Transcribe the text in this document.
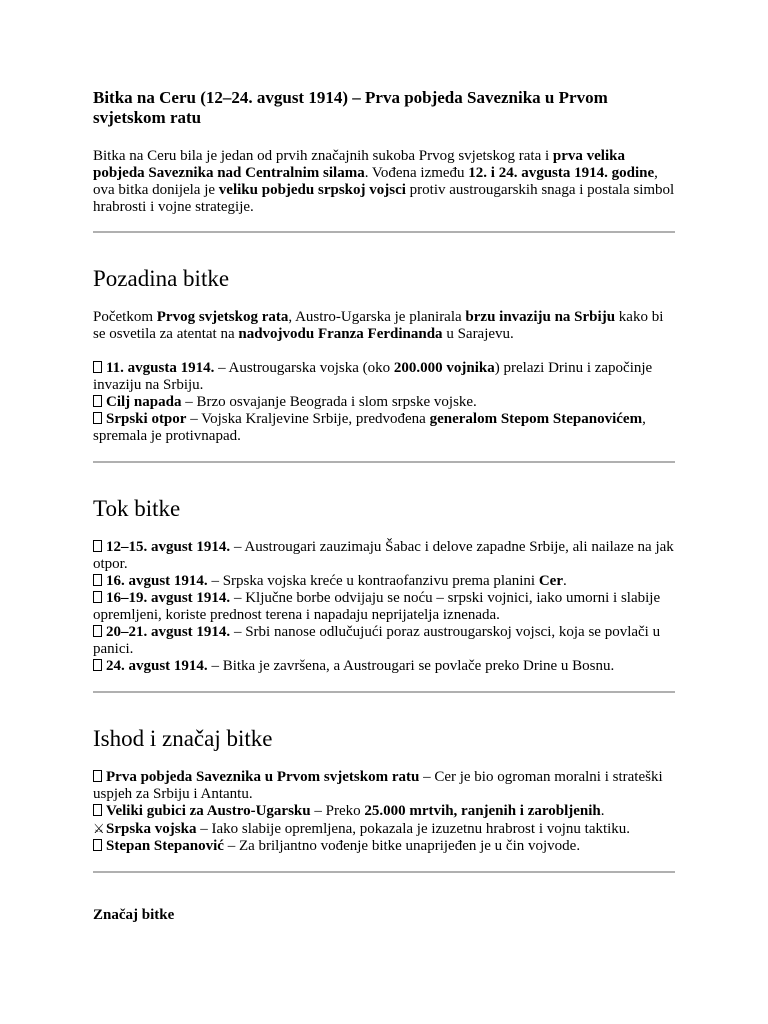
Bitka na Ceru (12–24. avgust 1914) – Prva pobjeda Saveznika u Prvom svjetskom ratu

Bitka na Ceru bila je jedan od prvih značajnih sukoba Prvog svjetskog rata i prva velika pobjeda Saveznika nad Centralnim silama. Vođena između 12. i 24. avgusta 1914. godine, ova bitka donijela je veliku pobjedu srpskoj vojsci protiv austrougarskih snaga i postala simbol hrabrosti i vojne strategije.

Pozadina bitke

Početkom Prvog svjetskog rata, Austro-Ugarska je planirala brzu invaziju na Srbiju kako bi se osvetila za atentat na nadvojvodu Franza Ferdinanda u Sarajevu.

11. avgusta 1914. – Austrougarska vojska (oko 200.000 vojnika) prelazi Drinu i započinje invaziju na Srbiju.
Cilj napada – Brzo osvajanje Beograda i slom srpske vojske.
Srpski otpor – Vojska Kraljevine Srbije, predvođena generalom Stepom Stepanovićem, spremala je protivnapad.
Tok bitke
12–15. avgust 1914. – Austrougari zauzimaju Šabac i delove zapadne Srbije, ali nailaze na jak otpor.
16. avgust 1914. – Srpska vojska kreće u kontraofanzivu prema planini Cer.
16–19. avgust 1914. – Ključne borbe odvijaju se noću – srpski vojnici, iako umorni i slabije opremljeni, koriste prednost terena i napadaju neprijatelja iznenada.
20–21. avgust 1914. – Srbi nanose odlučujući poraz austrougarskoj vojsci, koja se povlači u panici.
24. avgust 1914. – Bitka je završena, a Austrougari se povlače preko Drine u Bosnu.
Ishod i značaj bitke
Prva pobjeda Saveznika u Prvom svjetskom ratu – Cer je bio ogroman moralni i strateški uspjeh za Srbiju i Antantu.
Veliki gubici za Austro-Ugarsku – Preko 25.000 mrtvih, ranjenih i zarobljenih.
⚔Srpska vojska – Iako slabije opremljena, pokazala je izuzetnu hrabrost i vojnu taktiku.
Stepan Stepanović – Za briljantno vođenje bitke unaprijeđen je u čin vojvode.
Značaj bitke
